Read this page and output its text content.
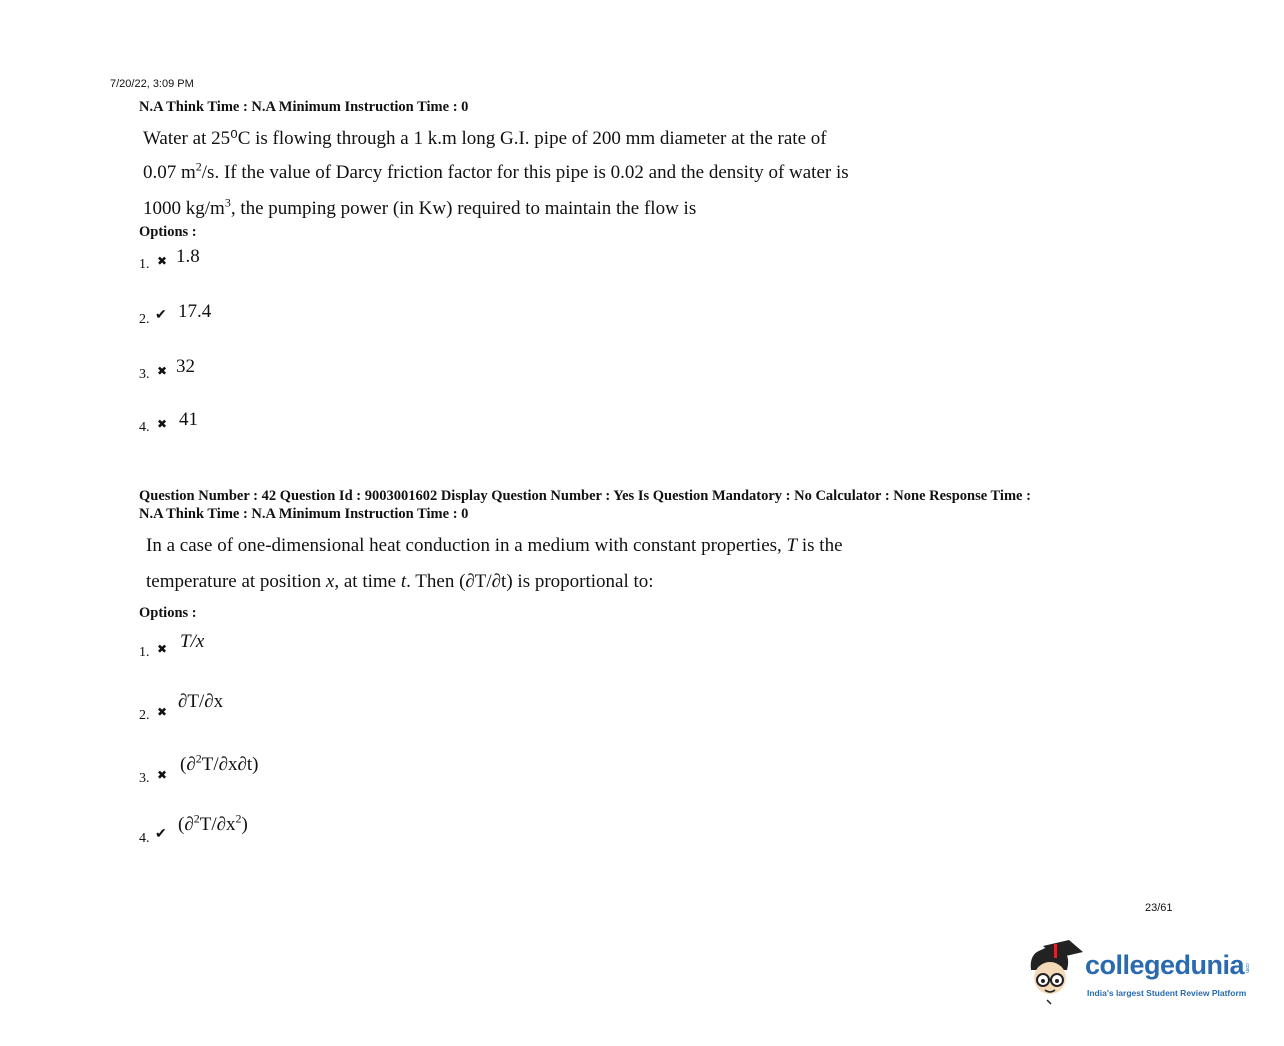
7/20/22, 3:09 PM
N.A Think Time : N.A Minimum Instruction Time : 0
Water at 25⁰C is flowing through a 1 k.m long G.I. pipe of 200 mm diameter at the rate of
0.07 $m^2/s$. If the value of Darcy friction factor for this pipe is 0.02 and the density of water is
1000 $kg/m^3$, the pumping power (in Kw) required to maintain the flow is
Options :
1. ✖ 1.8
2. ✔ 17.4
3. ✖ 32
4. ✖ 41
Question Number : 42 Question Id : 9003001602 Display Question Number : Yes Is Question Mandatory : No Calculator : None Response Time :
N.A Think Time : N.A Minimum Instruction Time : 0
In a case of one-dimensional heat conduction in a medium with constant properties, T is the
temperature at position x, at time t. Then (∂T/∂t) is proportional to:
Options :
1. ✖ T/x
2. ✖ ∂T/∂x
3. ✖ (∂$^2$T/∂x∂t)
4. ✔ $(\partial^2T/\partial x^2)$
23/61
collegedunia .com
India's largest Student Review Platform
